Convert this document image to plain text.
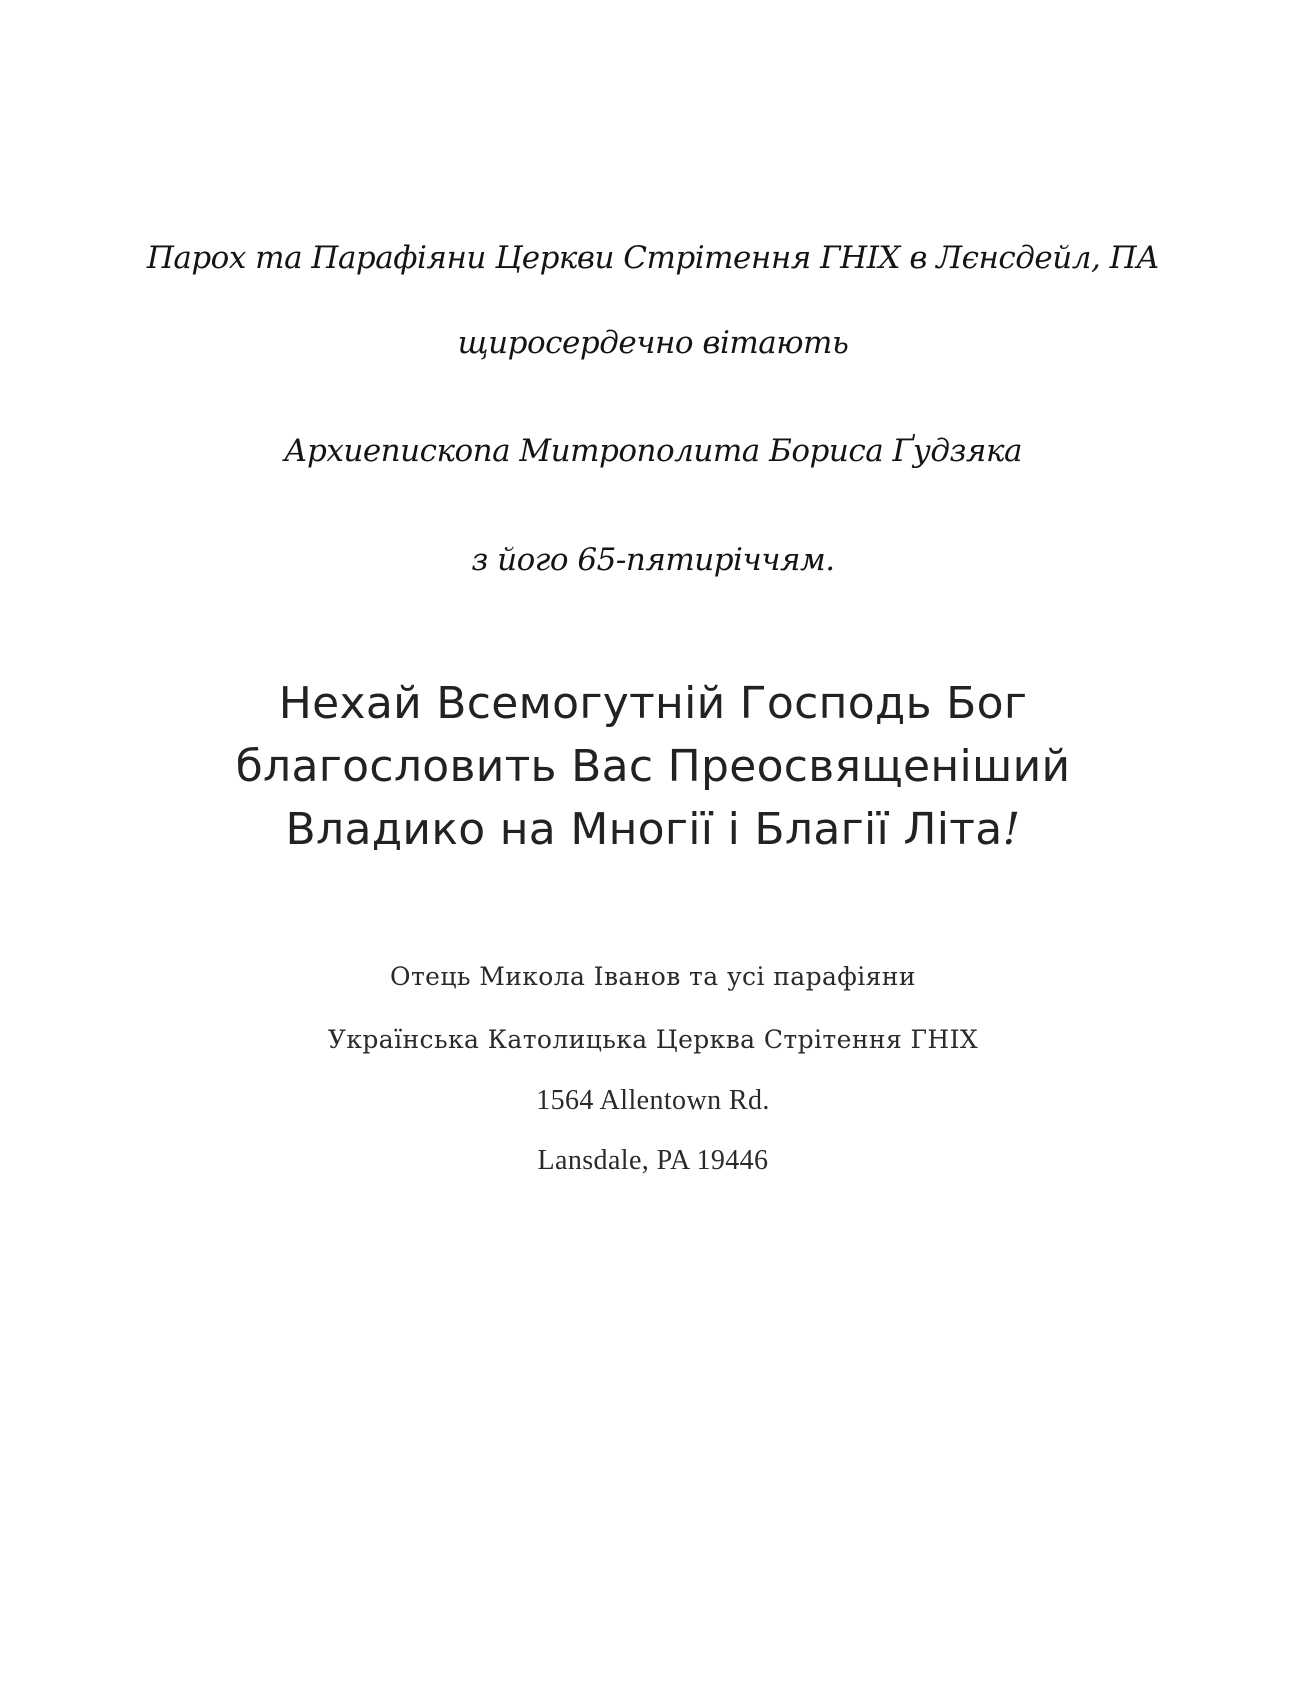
Парох та Парафіяни Церкви Стрітення ГНІХ в Лєнсдейл, ПА
щиросердечно вітають
Архиепископа Митрополита Бориса Ґудзяка
з його 65-пятиріччям.
Нехай Всемогутній Господь Бог
благословить Вас Преосвященіший
Владико на Многії і Благії Літа!
Отець Микола Іванов та усі парафіяни
Українська Католицька Церква Стрітення ГНІХ
1564 Allentown Rd.
Lansdale, PA 19446
